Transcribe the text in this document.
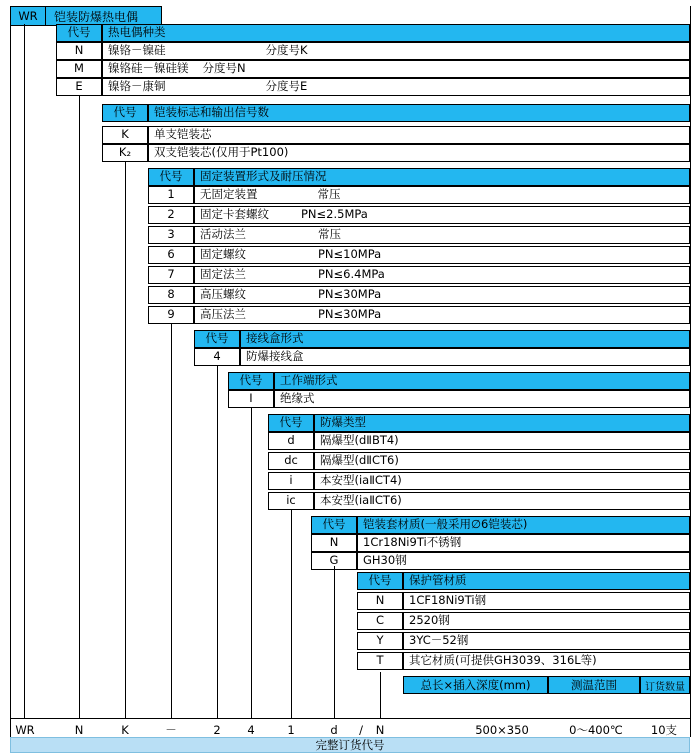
WR	铠装防爆热电偶
代号	热电偶种类
N	镍铬－镍硅	分度号K
M	镍铬硅－镍硅镁 分度号N
E	镍铬－康铜	分度号E
代号	铠装标志和输出信号数
K	单支铠装芯
K₂	双支铠装芯(仅用于Pt100)
代号	固定装置形式及耐压情况
1	无固定装置	常压
2	固定卡套螺纹	PN≤2.5MPa
3	活动法兰	常压
6	固定螺纹	PN≤10MPa
7	固定法兰	PN≤6.4MPa
8	高压螺纹	PN≤30MPa
9	高压法兰	PN≤30MPa
代号	接线盒形式
4	防爆接线盒
代号	工作端形式
I	绝缘式
代号	防爆类型
d	隔爆型(dⅡBT4)
dc	隔爆型(dⅡCT6)
i	本安型(iaⅡCT4)
ic	本安型(iaⅡCT6)
代号	铠装套材质(一般采用∅6铠装芯)
N	1Cr18Ni9Ti不锈钢
G	GH30钢
代号	保护管材质
N	1CF18Ni9Ti钢
C	2520钢
Y	3YC－52钢
T	其它材质(可提供GH3039、316L等)
总长×插入深度(mm)	测温范围	订货数量
WR	N	K	－	2	4	1	d	/	N	500×350	0～400℃	10支
完整订货代号
